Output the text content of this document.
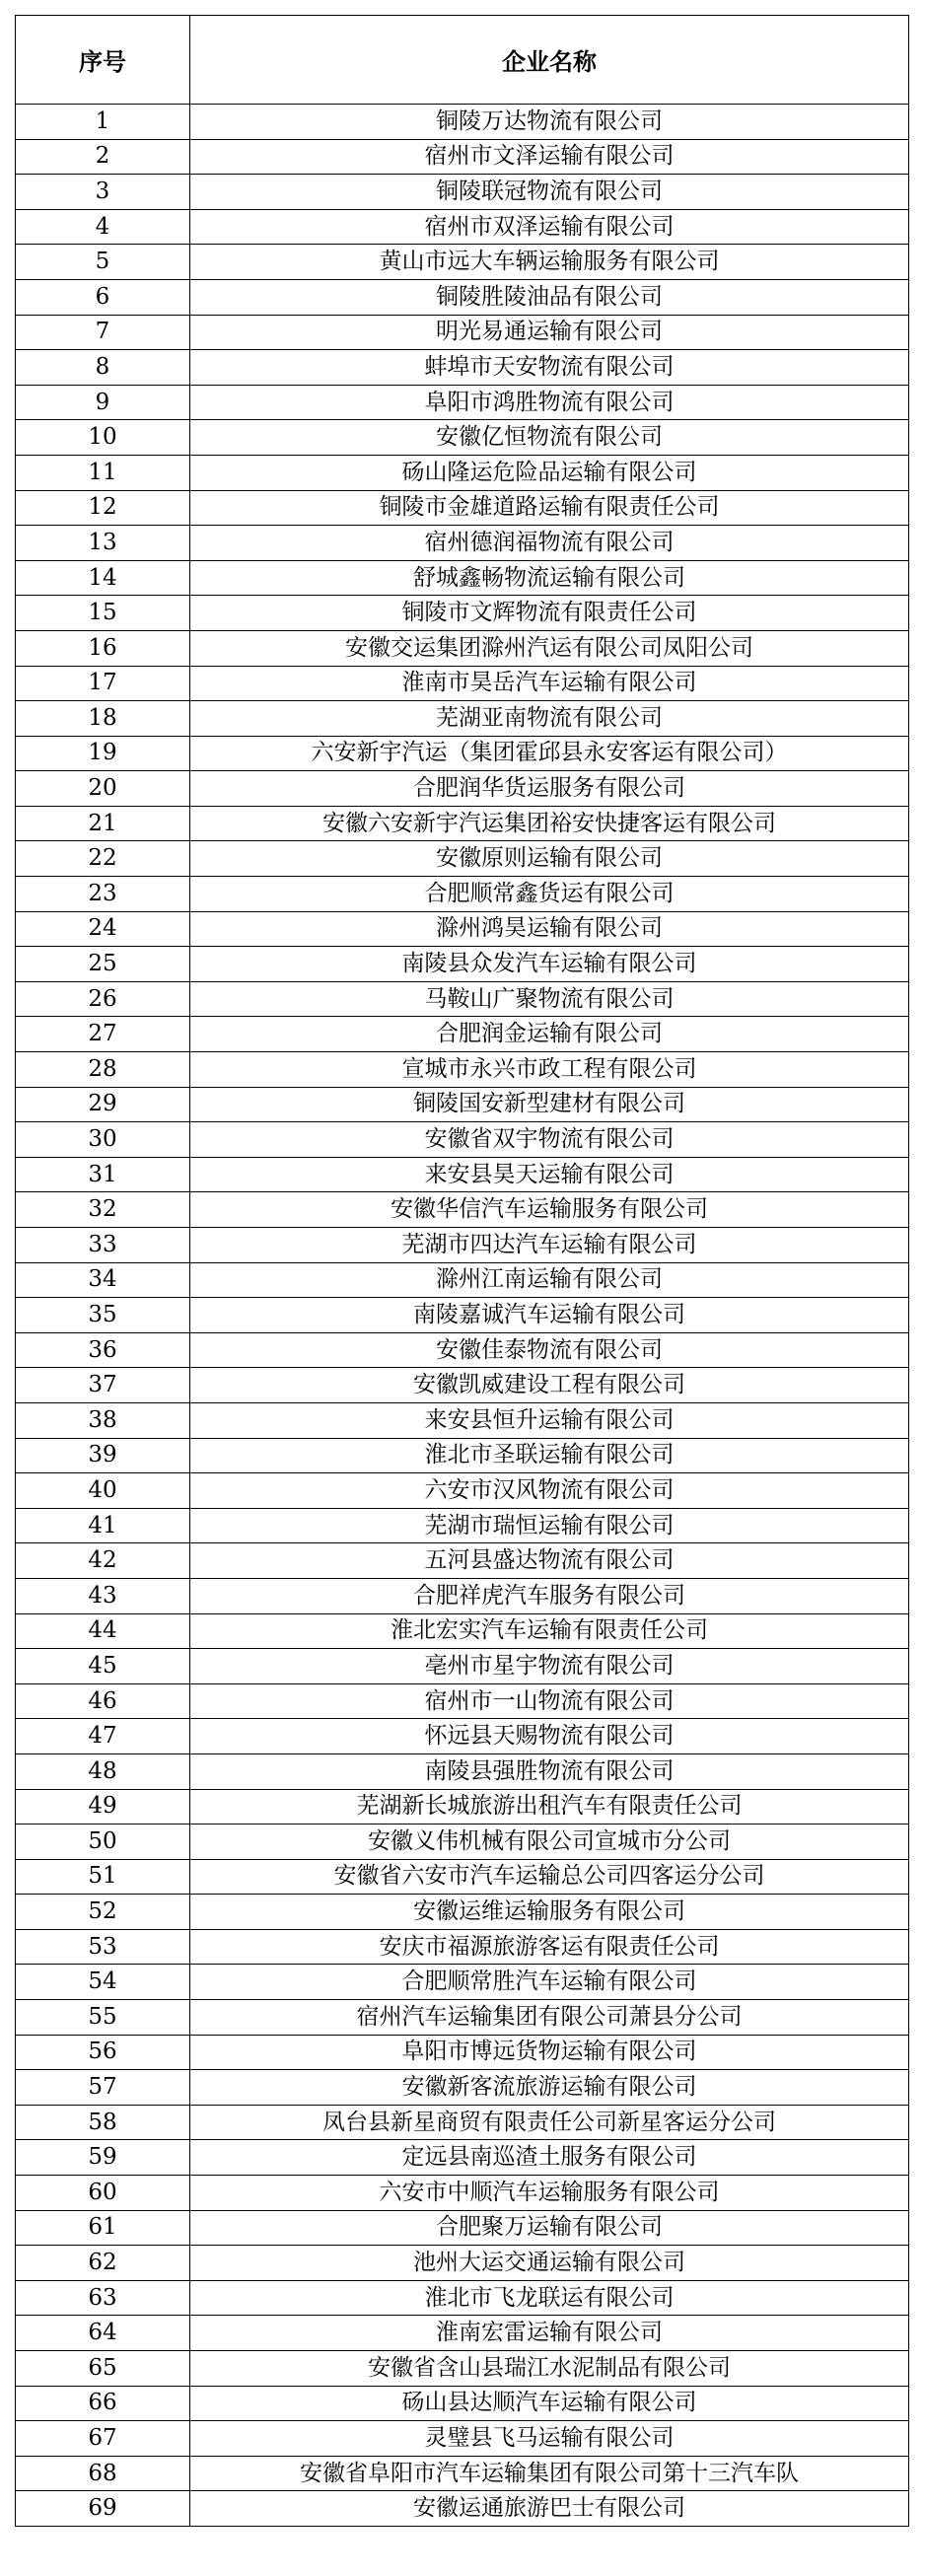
序号	企业名称
1	铜陵万达物流有限公司
2	宿州市文泽运输有限公司
3	铜陵联冠物流有限公司
4	宿州市双泽运输有限公司
5	黄山市远大车辆运输服务有限公司
6	铜陵胜陵油品有限公司
7	明光易通运输有限公司
8	蚌埠市天安物流有限公司
9	阜阳市鸿胜物流有限公司
10	安徽亿恒物流有限公司
11	砀山隆运危险品运输有限公司
12	铜陵市金雄道路运输有限责任公司
13	宿州德润福物流有限公司
14	舒城鑫畅物流运输有限公司
15	铜陵市文辉物流有限责任公司
16	安徽交运集团滁州汽运有限公司凤阳公司
17	淮南市昊岳汽车运输有限公司
18	芜湖亚南物流有限公司
19	六安新宇汽运（集团霍邱县永安客运有限公司）
20	合肥润华货运服务有限公司
21	安徽六安新宇汽运集团裕安快捷客运有限公司
22	安徽原则运输有限公司
23	合肥顺常鑫货运有限公司
24	滁州鸿昊运输有限公司
25	南陵县众发汽车运输有限公司
26	马鞍山广聚物流有限公司
27	合肥润金运输有限公司
28	宣城市永兴市政工程有限公司
29	铜陵国安新型建材有限公司
30	安徽省双宇物流有限公司
31	来安县昊天运输有限公司
32	安徽华信汽车运输服务有限公司
33	芜湖市四达汽车运输有限公司
34	滁州江南运输有限公司
35	南陵嘉诚汽车运输有限公司
36	安徽佳泰物流有限公司
37	安徽凯威建设工程有限公司
38	来安县恒升运输有限公司
39	淮北市圣联运输有限公司
40	六安市汉风物流有限公司
41	芜湖市瑞恒运输有限公司
42	五河县盛达物流有限公司
43	合肥祥虎汽车服务有限公司
44	淮北宏实汽车运输有限责任公司
45	亳州市星宇物流有限公司
46	宿州市一山物流有限公司
47	怀远县天赐物流有限公司
48	南陵县强胜物流有限公司
49	芜湖新长城旅游出租汽车有限责任公司
50	安徽义伟机械有限公司宣城市分公司
51	安徽省六安市汽车运输总公司四客运分公司
52	安徽运维运输服务有限公司
53	安庆市福源旅游客运有限责任公司
54	合肥顺常胜汽车运输有限公司
55	宿州汽车运输集团有限公司萧县分公司
56	阜阳市博远货物运输有限公司
57	安徽新客流旅游运输有限公司
58	凤台县新星商贸有限责任公司新星客运分公司
59	定远县南巡渣土服务有限公司
60	六安市中顺汽车运输服务有限公司
61	合肥聚万运输有限公司
62	池州大运交通运输有限公司
63	淮北市飞龙联运有限公司
64	淮南宏雷运输有限公司
65	安徽省含山县瑞江水泥制品有限公司
66	砀山县达顺汽车运输有限公司
67	灵璧县飞马运输有限公司
68	安徽省阜阳市汽车运输集团有限公司第十三汽车队
69	安徽运通旅游巴士有限公司
